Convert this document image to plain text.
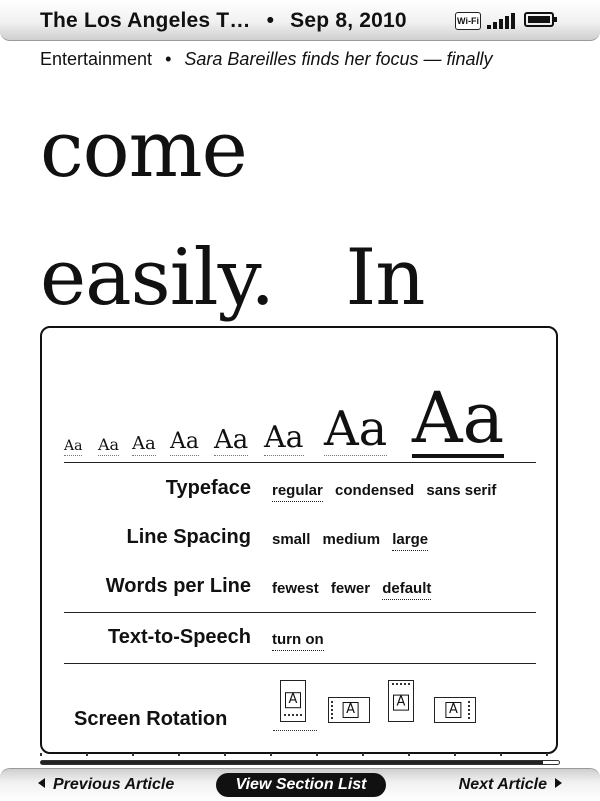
The Los Angeles T… • Sep 8, 2010	Wi-Fi
Entertainment • Sara Bareilles finds her focus — finally
come
easily.   In
Aa Aa Aa Aa Aa Aa Aa Aa
Typeface regular condensed sans serif
Line Spacing small medium large
Words per Line fewest fewer default
Text-to-Speech turn on
Screen Rotation
A
A	A	A
Previous Article	View Section List	Next Article
